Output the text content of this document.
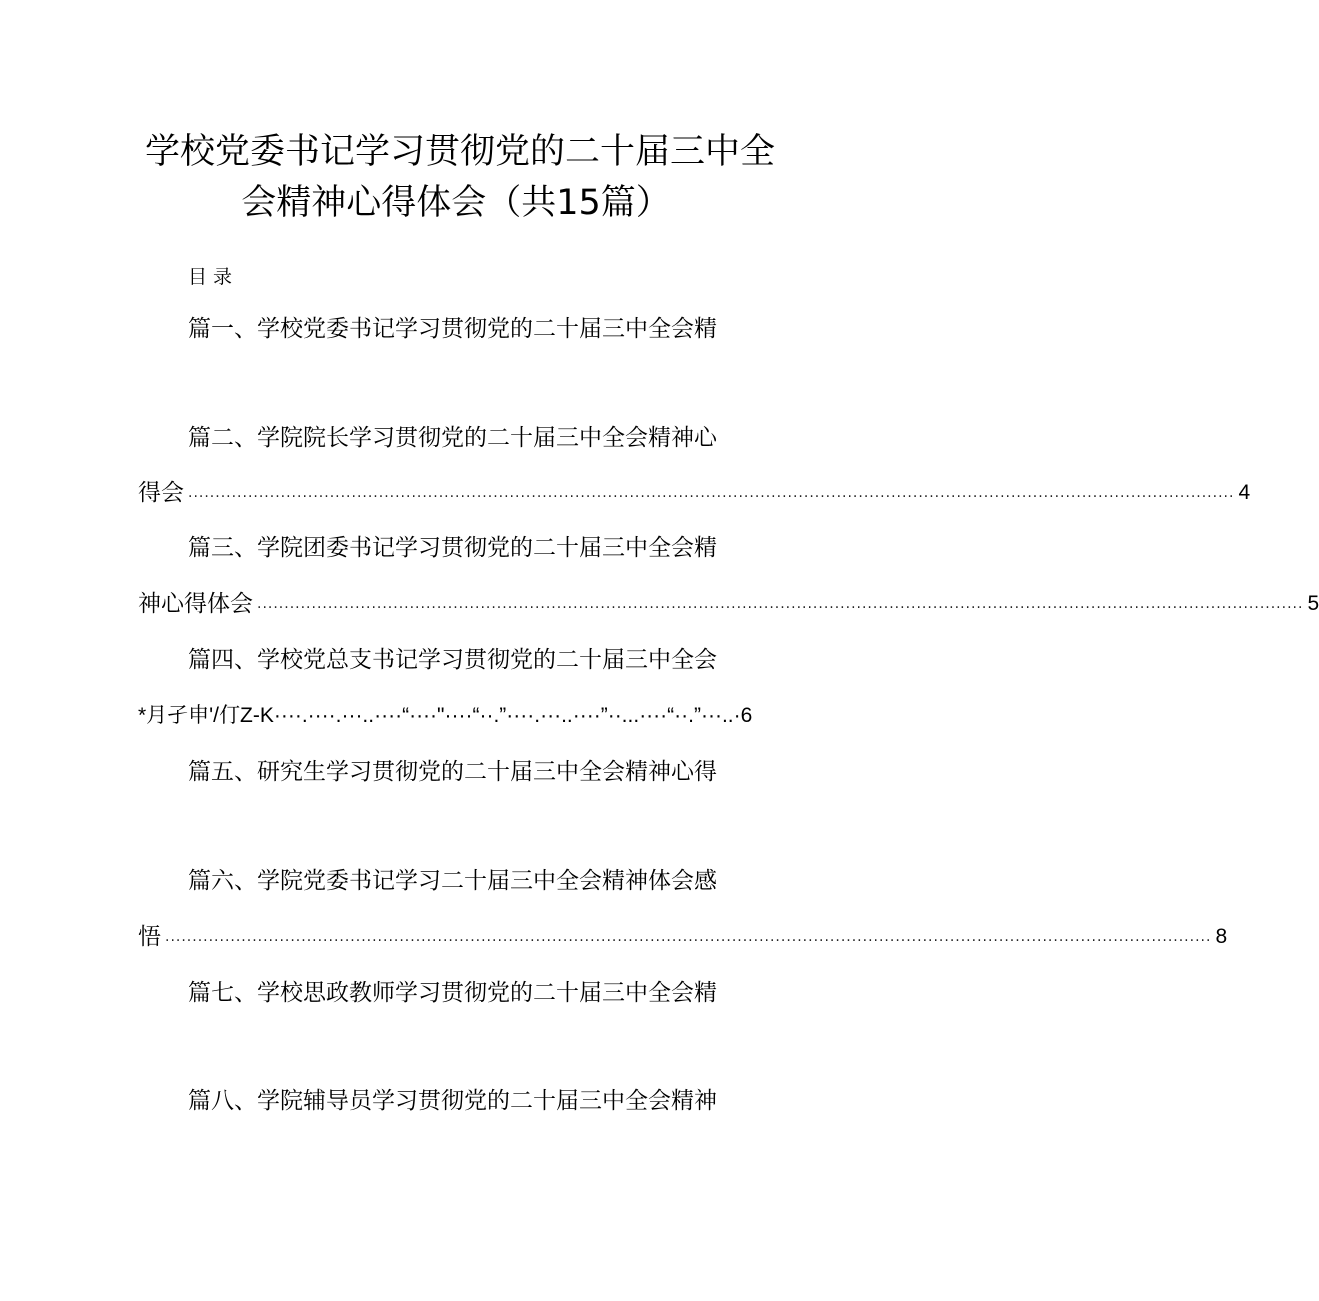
学校党委书记学习贯彻党的二十届三中全
会精神心得体会（共15篇）
目录
篇一、学校党委书记学习贯彻党的二十届三中全会精
篇二、学院院长学习贯彻党的二十届三中全会精神心
得会 ................................................................................................................................................................................................ 4
篇三、学院团委书记学习贯彻党的二十届三中全会精
神心得体会 ................................................................................................................................................................................................ 5
篇四、学校党总支书记学习贯彻党的二十届三中全会
*月孑申'/仃Z-K····.····.···..····“····"····“··.”····.···..····”··...····“··.”···..·6
篇五、研究生学习贯彻党的二十届三中全会精神心得
篇六、学院党委书记学习二十届三中全会精神体会感
悟 ................................................................................................................................................................................................ 8
篇七、学校思政教师学习贯彻党的二十届三中全会精
篇八、学院辅导员学习贯彻党的二十届三中全会精神
